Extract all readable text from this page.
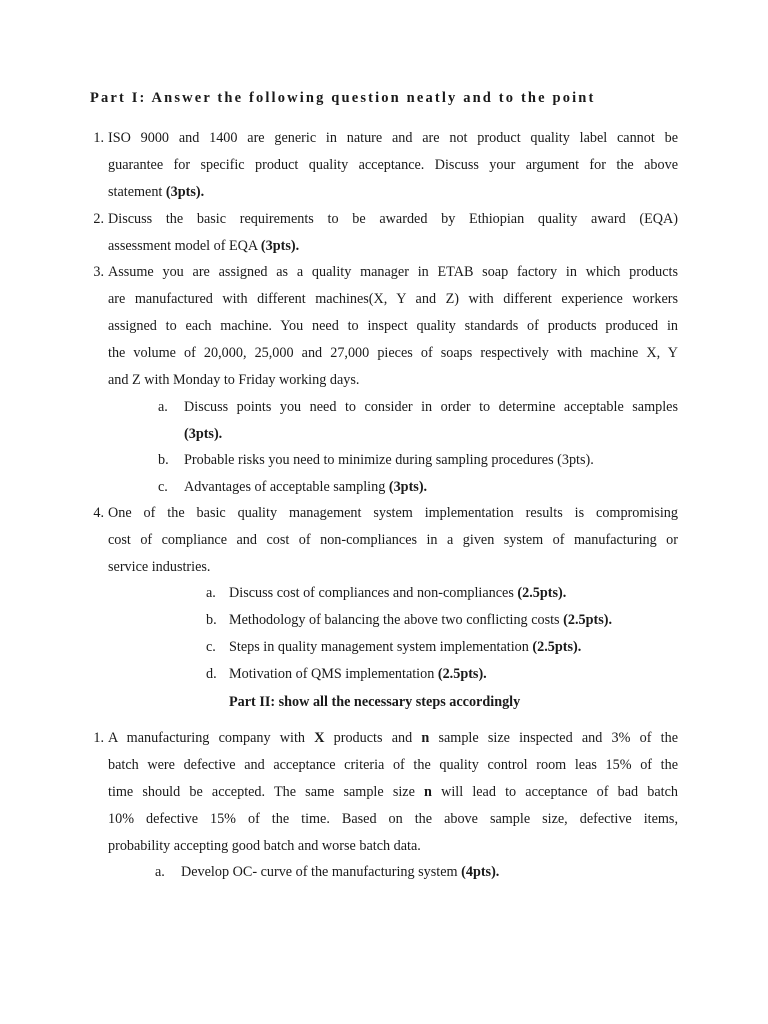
Part I: Answer the following question neatly and to the point
1. ISO 9000 and 1400 are generic in nature and are not product quality label cannot be

guarantee for specific product quality acceptance. Discuss your argument for the above

statement (3pts).

2. Discuss the basic requirements to be awarded by Ethiopian quality award (EQA)

assessment model of EQA (3pts).

3. Assume you are assigned as a quality manager in ETAB soap factory in which products

are manufactured with different machines(X, Y and Z) with different experience workers

assigned to each machine. You need to inspect quality standards of products produced in

the volume of 20,000, 25,000 and 27,000 pieces of soaps respectively with machine X, Y

and Z with Monday to Friday working days.

a.	Discuss points you need to consider in order to determine acceptable samples

(3pts).

b.	Probable risks you need to minimize during sampling procedures (3pts).

c.	Advantages of acceptable sampling (3pts).

4. One of the basic quality management system implementation results is compromising

cost of compliance and cost of non-compliances in a given system of manufacturing or

service industries.

a. Discuss cost of compliances and non-compliances (2.5pts).

b. Methodology of balancing the above two conflicting costs (2.5pts).

c. Steps in quality management system implementation (2.5pts).

d. Motivation of QMS implementation (2.5pts).

Part II: show all the necessary steps accordingly
1. A manufacturing company with X products and n sample size inspected and 3% of the

batch were defective and acceptance criteria of the quality control room leas 15% of the

time should be accepted. The same sample size n will lead to acceptance of bad batch

10% defective 15% of the time. Based on the above sample size, defective items,

probability accepting good batch and worse batch data.

a.	Develop OC- curve of the manufacturing system (4pts).
